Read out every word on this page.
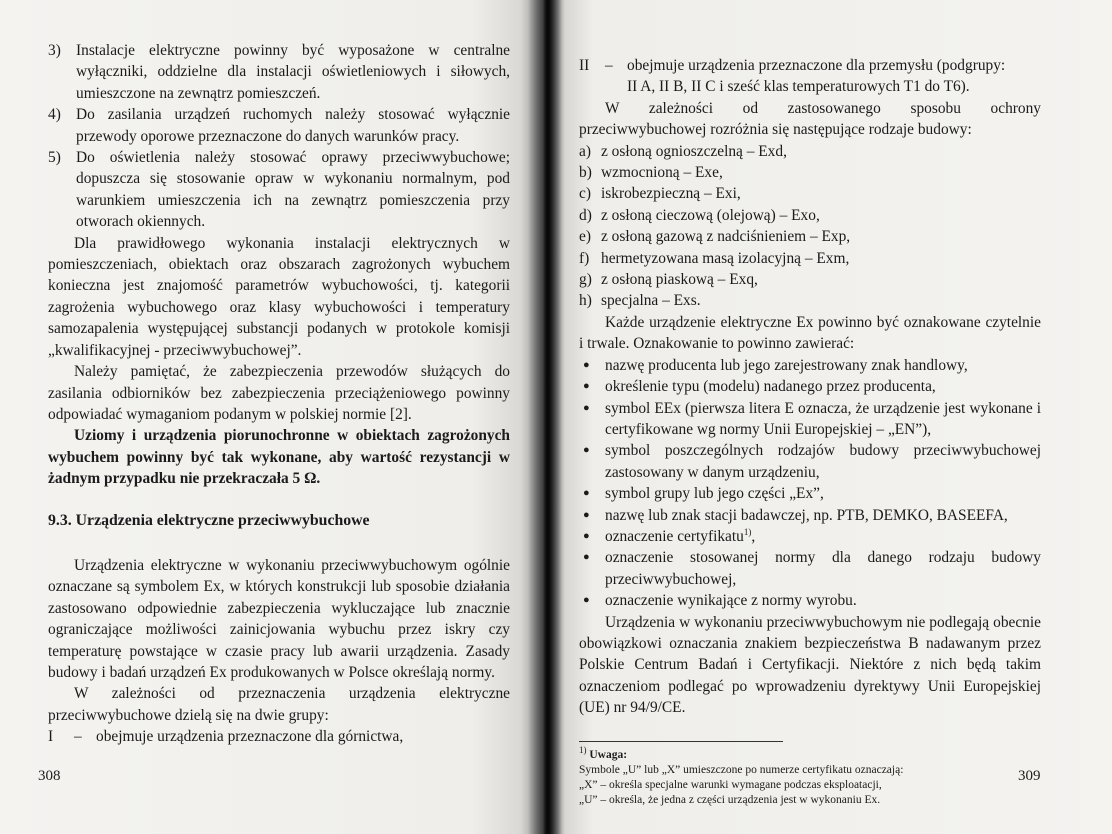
3) Instalacje elektryczne powinny być wyposażone w centralne wyłączniki, oddzielne dla instalacji oświetleniowych i siłowych, umieszczone na zewnątrz pomieszczeń.
4) Do zasilania urządzeń ruchomych należy stosować wyłącznie przewody oporowe przeznaczone do danych warunków pracy.
5) Do oświetlenia należy stosować oprawy przeciwwybuchowe; dopuszcza się stosowanie opraw w wykonaniu normalnym, pod warunkiem umieszczenia ich na zewnątrz pomieszczenia przy otworach okiennych.

Dla prawidłowego wykonania instalacji elektrycznych w pomieszczeniach, obiektach oraz obszarach zagrożonych wybuchem konieczna jest znajomość parametrów wybuchowości, tj. kategorii zagrożenia wybuchowego oraz klasy wybuchowości i temperatury samozapalenia występującej substancji podanych w protokole komisji „kwalifikacyjnej - przeciwwybuchowej”.

Należy pamiętać, że zabezpieczenia przewodów służących do zasilania odbiorników bez zabezpieczenia przeciążeniowego powinny odpowiadać wymaganiom podanym w polskiej normie [2].

Uziomy i urządzenia piorunochronne w obiektach zagrożonych wybuchem powinny być tak wykonane, aby wartość rezystancji w żadnym przypadku nie przekraczała 5 Ω.

9.3. Urządzenia elektryczne przeciwwybuchowe

Urządzenia elektryczne w wykonaniu przeciwwybuchowym ogólnie oznaczane są symbolem Ex, w których konstrukcji lub sposobie działania zastosowano odpowiednie zabezpieczenia wykluczające lub znacznie ograniczające możliwości zainicjowania wybuchu przez iskry czy temperaturę powstające w czasie pracy lub awarii urządzenia. Zasady budowy i badań urządzeń Ex produkowanych w Polsce określają normy.

W zależności od przeznaczenia urządzenia elektryczne przeciwwybuchowe dzielą się na dwie grupy:

I	– obejmuje urządzenia przeznaczone dla górnictwa,
308
II	– obejmuje urządzenia przeznaczone dla przemysłu (podgrupy:

II A, II B, II C i sześć klas temperaturowych T1 do T6).

W zależności od zastosowanego sposobu ochrony przeciwwybuchowej rozróżnia się następujące rodzaje budowy:

a) z osłoną ognioszczelną – Exd,
b) wzmocnioną – Exe,
c) iskrobezpieczną – Exi,
d) z osłoną cieczową (olejową) – Exo,
e) z osłoną gazową z nadciśnieniem – Exp,
f) hermetyzowana masą izolacyjną – Exm,
g) z osłoną piaskową – Exq,
h) specjalna – Exs.

Każde urządzenie elektryczne Ex powinno być oznakowane czytelnie i trwale. Oznakowanie to powinno zawierać:

● nazwę producenta lub jego zarejestrowany znak handlowy,
● określenie typu (modelu) nadanego przez producenta,
● symbol EEx (pierwsza litera E oznacza, że urządzenie jest wykonane i certyfikowane wg normy Unii Europejskiej – „EN”),
● symbol poszczególnych rodzajów budowy przeciwwybuchowej zastosowany w danym urządzeniu,
● symbol grupy lub jego części „Ex”,
● nazwę lub znak stacji badawczej, np. PTB, DEMKO, BASEEFA,
● oznaczenie certyfikatu$^{1)}$,
● oznaczenie stosowanej normy dla danego rodzaju budowy przeciwwybuchowej,
● oznaczenie wynikające z normy wyrobu.

Urządzenia w wykonaniu przeciwwybuchowym nie podlegają obecnie obowiązkowi oznaczania znakiem bezpieczeństwa B nadawanym przez Polskie Centrum Badań i Certyfikacji. Niektóre z nich będą takim oznaczeniom podlegać po wprowadzeniu dyrektywy Unii Europejskiej (UE) nr 94/9/CE.

$^{1)}$ Uwaga:
Symbole „U” lub „X” umieszczone po numerze certyfikatu oznaczają:
„X” – określa specjalne warunki wymagane podczas eksploatacji,
„U” – określa, że jedna z części urządzenia jest w wykonaniu Ex.
309
